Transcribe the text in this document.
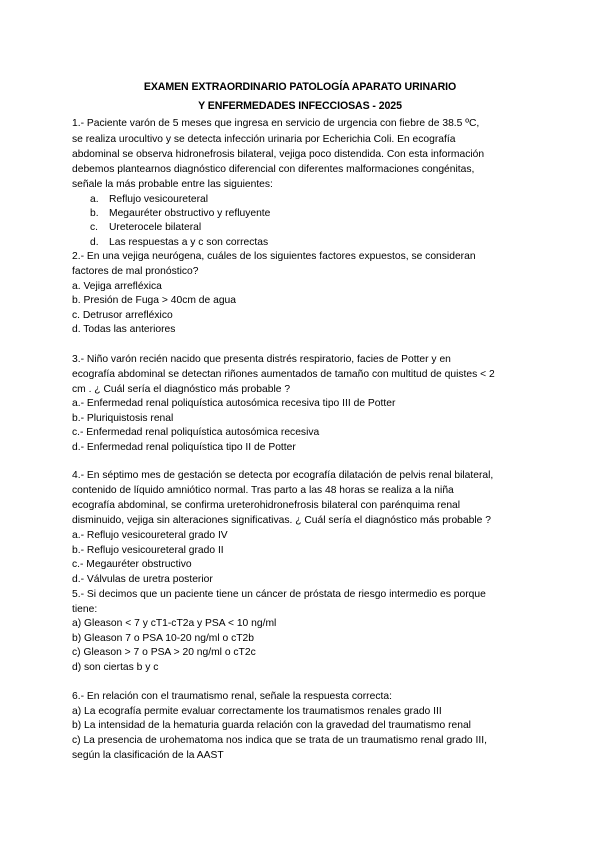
EXAMEN EXTRAORDINARIO PATOLOGÍA APARATO URINARIO
Y ENFERMEDADES INFECCIOSAS - 2025
1.- Paciente varón de 5 meses que ingresa en servicio de urgencia con fiebre de 38.5 ºC,
se realiza urocultivo y se detecta infección urinaria por Echerichia Coli. En ecografía
abdominal se observa hidronefrosis bilateral, vejiga poco distendida. Con esta información
debemos plantearnos diagnóstico diferencial con diferentes malformaciones congénitas,
señale la más probable entre las siguientes:
a. Reflujo vesicoureteral
b. Megauréter obstructivo y refluyente
c. Ureterocele bilateral
d. Las respuestas a y c son correctas
2.- En una vejiga neurógena, cuáles de los siguientes factores expuestos, se consideran
factores de mal pronóstico?
a. Vejiga arrefléxica
b. Presión de Fuga > 40cm de agua
c. Detrusor arrefléxico
d. Todas las anteriores
3.- Niño varón recién nacido que presenta distrés respiratorio, facies de Potter y en
ecografía abdominal se detectan riñones aumentados de tamaño con multitud de quistes < 2
cm . ¿ Cuál sería el diagnóstico más probable ?
a.- Enfermedad renal poliquística autosómica recesiva tipo III de Potter
b.- Pluriquistosis renal
c.- Enfermedad renal poliquística autosómica recesiva
d.- Enfermedad renal poliquística tipo II de Potter
4.- En séptimo mes de gestación se detecta por ecografía dilatación de pelvis renal bilateral,
contenido de líquido amniótico normal. Tras parto a las 48 horas se realiza a la niña
ecografía abdominal, se confirma ureterohidronefrosis bilateral con parénquima renal
disminuido, vejiga sin alteraciones significativas. ¿ Cuál sería el diagnóstico más probable ?
a.- Reflujo vesicoureteral grado IV
b.- Reflujo vesicoureteral grado II
c.- Megauréter obstructivo
d.- Válvulas de uretra posterior
5.- Si decimos que un paciente tiene un cáncer de próstata de riesgo intermedio es porque
tiene:
a) Gleason < 7 y cT1-cT2a y PSA < 10 ng/ml
b) Gleason 7 o PSA 10-20 ng/ml o cT2b
c) Gleason > 7 o PSA > 20 ng/ml o cT2c
d) son ciertas b y c
6.- En relación con el traumatismo renal, señale la respuesta correcta:
a) La ecografía permite evaluar correctamente los traumatismos renales grado III
b) La intensidad de la hematuria guarda relación con la gravedad del traumatismo renal
c) La presencia de urohematoma nos indica que se trata de un traumatismo renal grado III,
según la clasificación de la AAST
